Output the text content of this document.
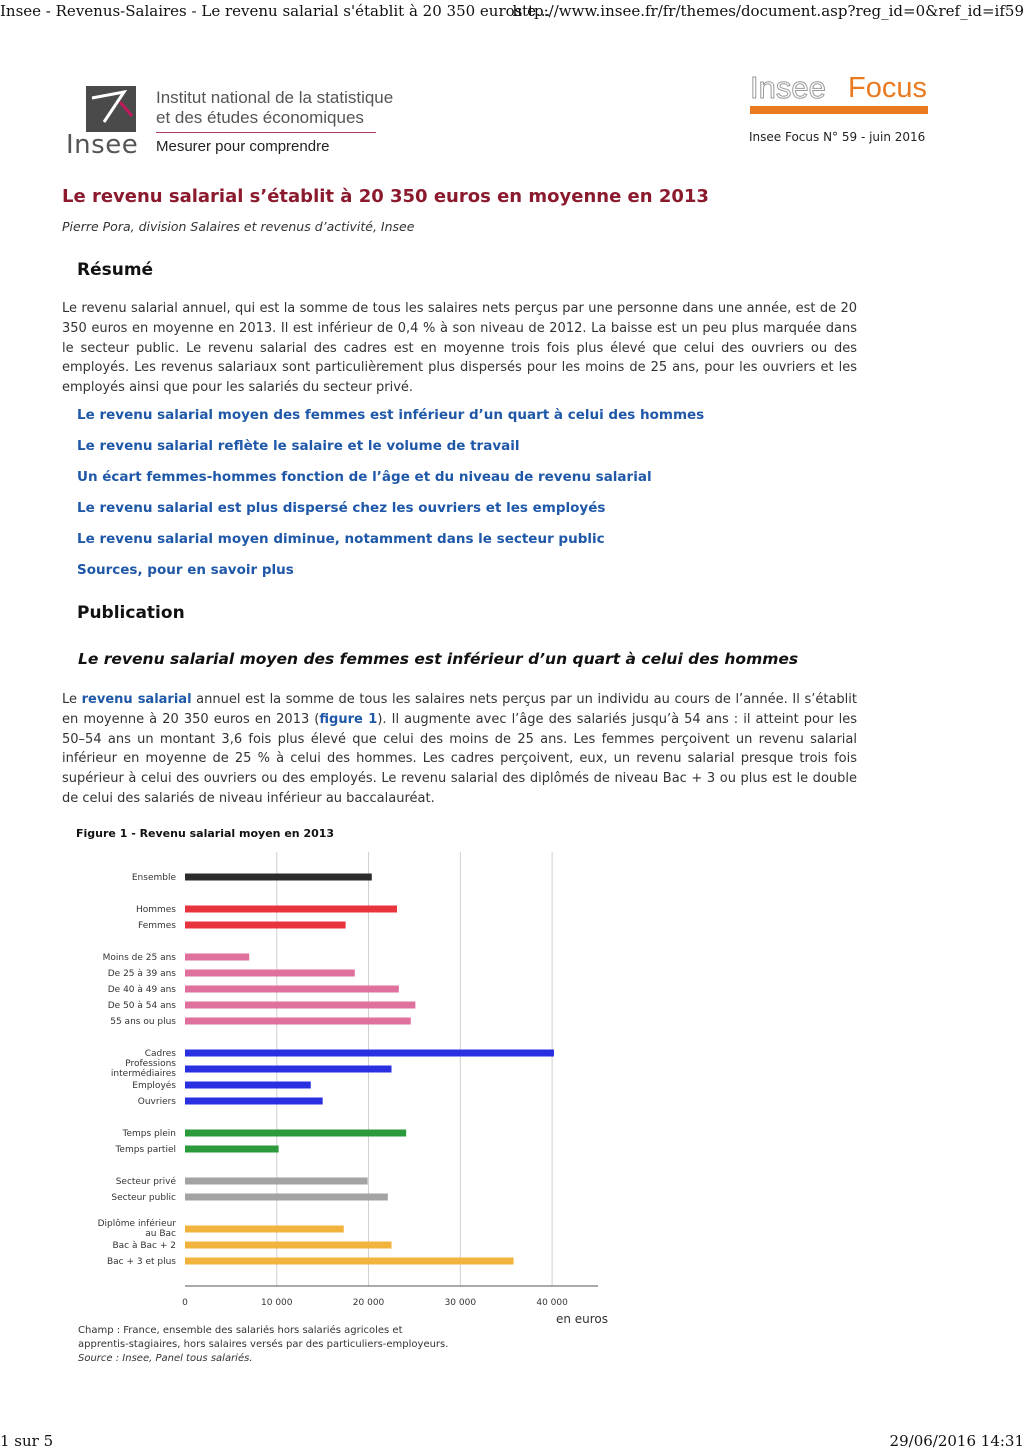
Insee - Revenus-Salaires - Le revenu salarial s'établit à 20 350 euros e...
http://www.insee.fr/fr/themes/document.asp?reg_id=0&ref_id=if59
Insee
Institut national de la statistique
et des études économiques
Mesurer pour comprendre
Insee Focus
Insee Focus N° 59 - juin 2016
Le revenu salarial s’établit à 20 350 euros en moyenne en 2013
Pierre Pora, division Salaires et revenus d’activité, Insee
Résumé
Le revenu salarial annuel, qui est la somme de tous les salaires nets perçus par une personne dans une année, est de 20 350 euros en moyenne en 2013. Il est inférieur de 0,4 % à son niveau de 2012. La baisse est un peu plus marquée dans le secteur public. Le revenu salarial des cadres est en moyenne trois fois plus élevé que celui des ouvriers ou des employés. Les revenus salariaux sont particulièrement plus dispersés pour les moins de 25 ans, pour les ouvriers et les employés ainsi que pour les salariés du secteur privé.
Le revenu salarial moyen des femmes est inférieur d’un quart à celui des hommes
Le revenu salarial reflète le salaire et le volume de travail
Un écart femmes-hommes fonction de l’âge et du niveau de revenu salarial
Le revenu salarial est plus dispersé chez les ouvriers et les employés
Le revenu salarial moyen diminue, notamment dans le secteur public
Sources, pour en savoir plus
Publication
Le revenu salarial moyen des femmes est inférieur d’un quart à celui des hommes
Le revenu salarial annuel est la somme de tous les salaires nets perçus par un individu au cours de l’année. Il s’établit en moyenne à 20 350 euros en 2013 (figure 1). Il augmente avec l’âge des salariés jusqu’à 54 ans : il atteint pour les 50–54 ans un montant 3,6 fois plus élevé que celui des moins de 25 ans. Les femmes perçoivent un revenu salarial inférieur en moyenne de 25 % à celui des hommes. Les cadres perçoivent, eux, un revenu salarial presque trois fois supérieur à celui des ouvriers ou des employés. Le revenu salarial des diplômés de niveau Bac + 3 ou plus est le double de celui des salariés de niveau inférieur au baccalauréat.
Figure 1 - Revenu salarial moyen en 2013
en euros
0	10 000	20 000	30 000	40 000
Ensemble
Hommes
Femmes
Moins de 25 ans
De 25 à 39 ans
De 40 à 49 ans
De 50 à 54 ans
55 ans ou plus
Cadres
Professions
intermédiaires
Employés
Ouvriers
Temps plein
Temps partiel
Secteur privé
Secteur public
Diplôme inférieur
au Bac
Bac à Bac + 2
Bac + 3 et plus
Champ : France, ensemble des salariés hors salariés agricoles et
apprentis-stagiaires, hors salaires versés par des particuliers-employeurs.
Source : Insee, Panel tous salariés.
1 sur 5	29/06/2016 14:31
